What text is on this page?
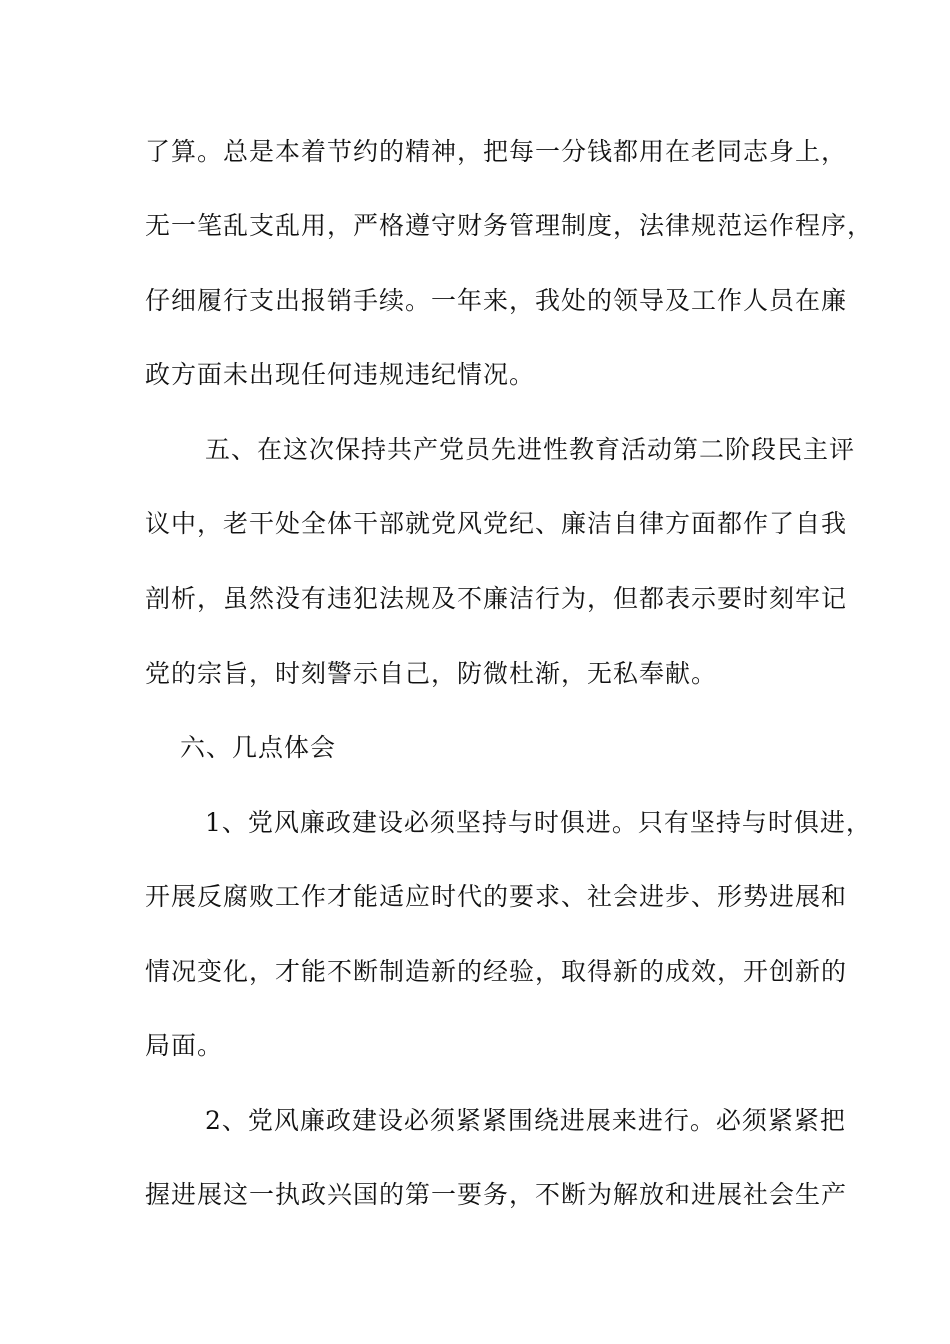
了算。总是本着节约的精神，把每一分钱都用在老同志身上，
无一笔乱支乱用，严格遵守财务管理制度，法律规范运作程序，
仔细履行支出报销手续。一年来，我处的领导及工作人员在廉
政方面未出现任何违规违纪情况。
五、在这次保持共产党员先进性教育活动第二阶段民主评
议中，老干处全体干部就党风党纪、廉洁自律方面都作了自我
剖析，虽然没有违犯法规及不廉洁行为，但都表示要时刻牢记
党的宗旨，时刻警示自己，防微杜渐，无私奉献。
六、几点体会
1、党风廉政建设必须坚持与时俱进。只有坚持与时俱进，
开展反腐败工作才能适应时代的要求、社会进步、形势进展和
情况变化，才能不断制造新的经验，取得新的成效，开创新的
局面。
2、党风廉政建设必须紧紧围绕进展来进行。必须紧紧把
握进展这一执政兴国的第一要务，不断为解放和进展社会生产
